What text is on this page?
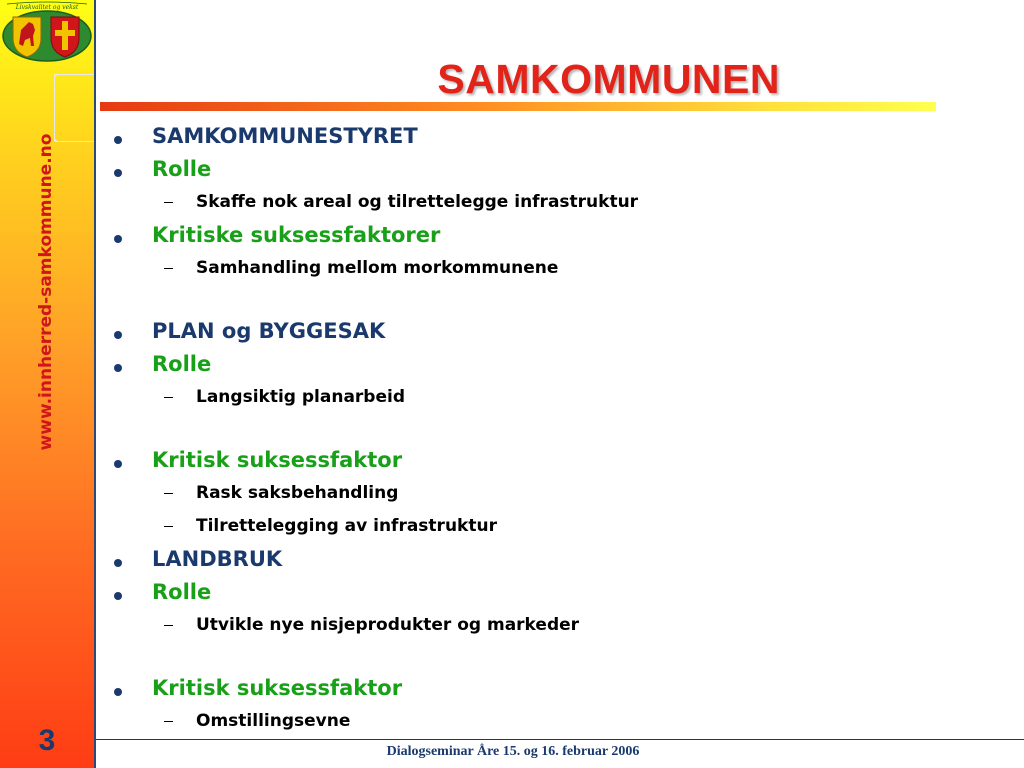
Livskvalitet og vekst
www.innherred-samkommune.no
3
SAMKOMMUNEN
SAMKOMMUNESTYRET
Rolle
Skaffe nok areal og tilrettelegge infrastruktur
Kritiske suksessfaktorer
Samhandling mellom morkommunene
PLAN og BYGGESAK
Rolle
Langsiktig planarbeid
Kritisk suksessfaktor
Rask saksbehandling
Tilrettelegging av infrastruktur
LANDBRUK
Rolle
Utvikle nye nisjeprodukter og markeder
Kritisk suksessfaktor
Omstillingsevne
Dialogseminar Åre 15. og 16. februar 2006
